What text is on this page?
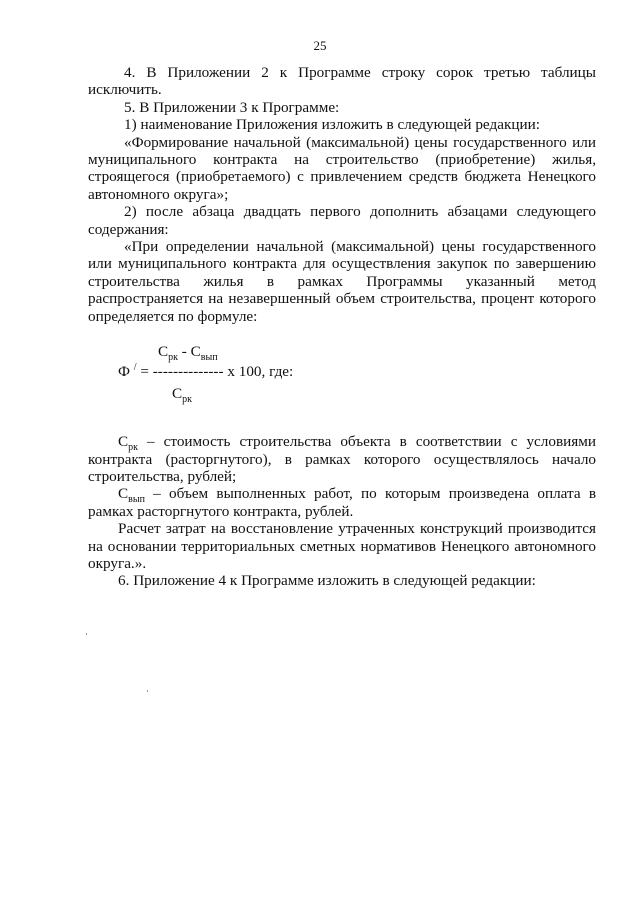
25

4. В Приложении 2 к Программе строку сорок третью таблицы исключить.

5. В Приложении 3 к Программе:

1) наименование Приложения изложить в следующей редакции:

«Формирование начальной (максимальной) цены государственного или муниципального контракта на строительство (приобретение) жилья, строящегося (приобретаемого) с привлечением средств бюджета Ненецкого автономного округа»;

2) после абзаца двадцать первого дополнить абзацами следующего содержания:

«При определении начальной (максимальной) цены государственного или муниципального контракта для осуществления закупок по завершению строительства жилья в рамках Программы указанный метод распространяется на незавершенный объем строительства, процент которого определяется по формуле:

$С_{рк} - С_{вып}$
Ф / = -------------- х 100, где:
$С_{рк}$

$С_{рк}$ – стоимость строительства объекта в соответствии с условиями контракта (расторгнутого), в рамках которого осуществлялось начало строительства, рублей;

$С_{вып}$ – объем выполненных работ, по которым произведена оплата в рамках расторгнутого контракта, рублей.

Расчет затрат на восстановление утраченных конструкций производится на основании территориальных сметных нормативов Ненецкого автономного округа.».

6. Приложение 4 к Программе изложить в следующей редакции:
